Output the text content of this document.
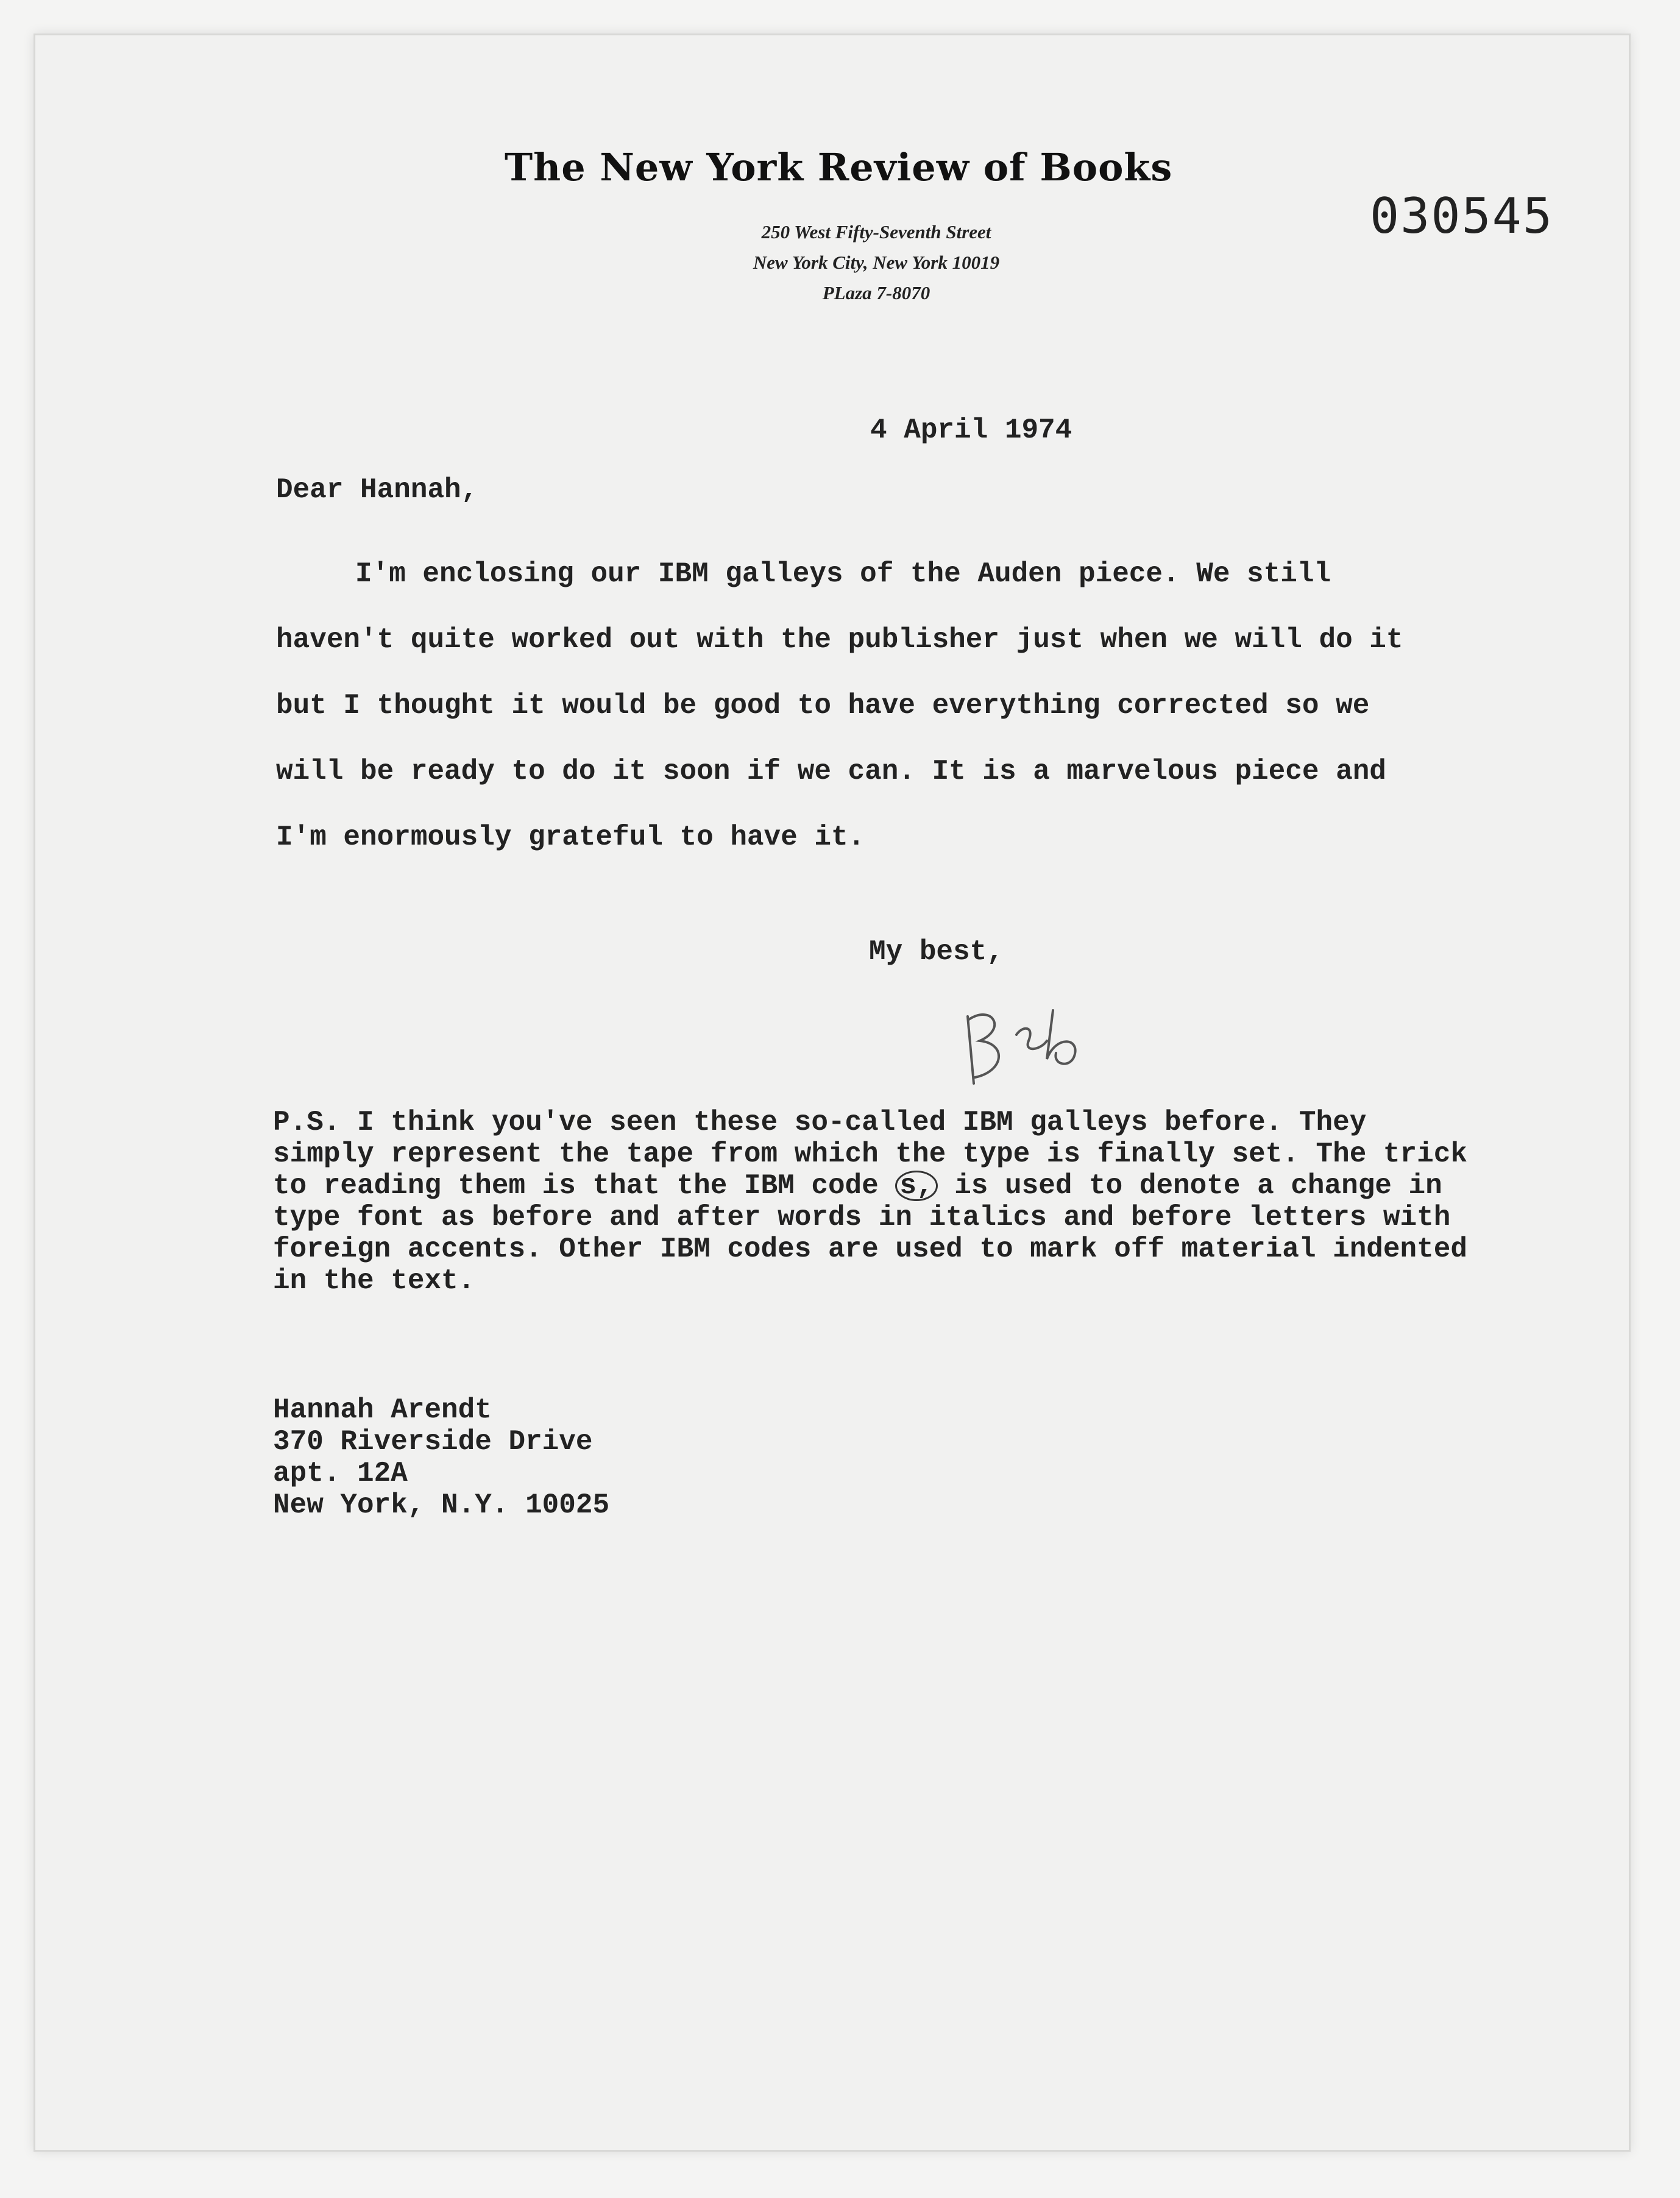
The New York Review of Books
250 West Fifty-Seventh Street
New York City, New York 10019
PLaza 7-8070
030545
4 April 1974
Dear Hannah,

I'm enclosing our IBM galleys of the Auden piece. We still haven't quite worked out with the publisher just when we will do it but I thought it would be good to have everything corrected so we will be ready to do it soon if we can. It is a marvelous piece and I'm enormously grateful to have it.

My best,

P.S. I think you've seen these so-called IBM galleys before. They simply represent the tape from which the type is finally set. The trick to reading them is that the IBM code s, is used to denote a change in type font as before and after words in italics and before letters with foreign accents. Other IBM codes are used to mark off material indented in the text.

Hannah Arendt
370 Riverside Drive
apt. 12A
New York, N.Y. 10025
